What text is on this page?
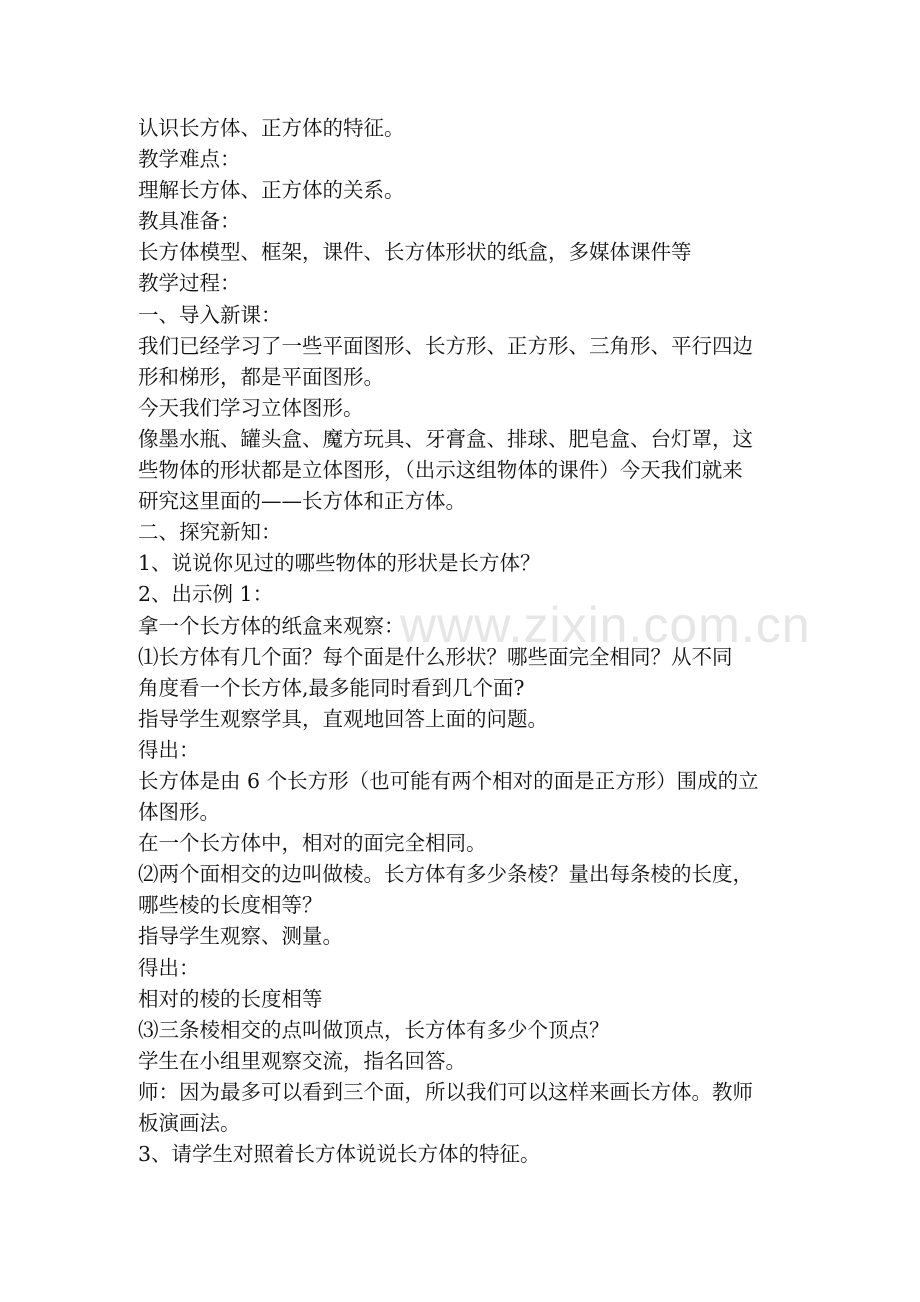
www.zixin.com.cn
认识长方体、正方体的特征。
教学难点：
理解长方体、正方体的关系。
教具准备：
长方体模型、框架，课件、长方体形状的纸盒，多媒体课件等
教学过程：
一、导入新课：
我们已经学习了一些平面图形、长方形、正方形、三角形、平行四边
形和梯形，都是平面图形。
今天我们学习立体图形。
像墨水瓶、罐头盒、魔方玩具、牙膏盒、排球、肥皂盒、台灯罩，这
些物体的形状都是立体图形，（出示这组物体的课件）今天我们就来
研究这里面的——长方体和正方体。
二、探究新知：
1、说说你见过的哪些物体的形状是长方体？
2、出示例 1：
拿一个长方体的纸盒来观察：
⑴长方体有几个面？每个面是什么形状？哪些面完全相同？从不同
角度看一个长方体,最多能同时看到几个面?
指导学生观察学具，直观地回答上面的问题。
得出：
长方体是由 6 个长方形（也可能有两个相对的面是正方形）围成的立
体图形。
在一个长方体中，相对的面完全相同。
⑵两个面相交的边叫做棱。长方体有多少条棱？量出每条棱的长度，
哪些棱的长度相等？
指导学生观察、测量。
得出：
相对的棱的长度相等
⑶三条棱相交的点叫做顶点，长方体有多少个顶点？
学生在小组里观察交流，指名回答。
师：因为最多可以看到三个面，所以我们可以这样来画长方体。教师
板演画法。
3、请学生对照着长方体说说长方体的特征。
